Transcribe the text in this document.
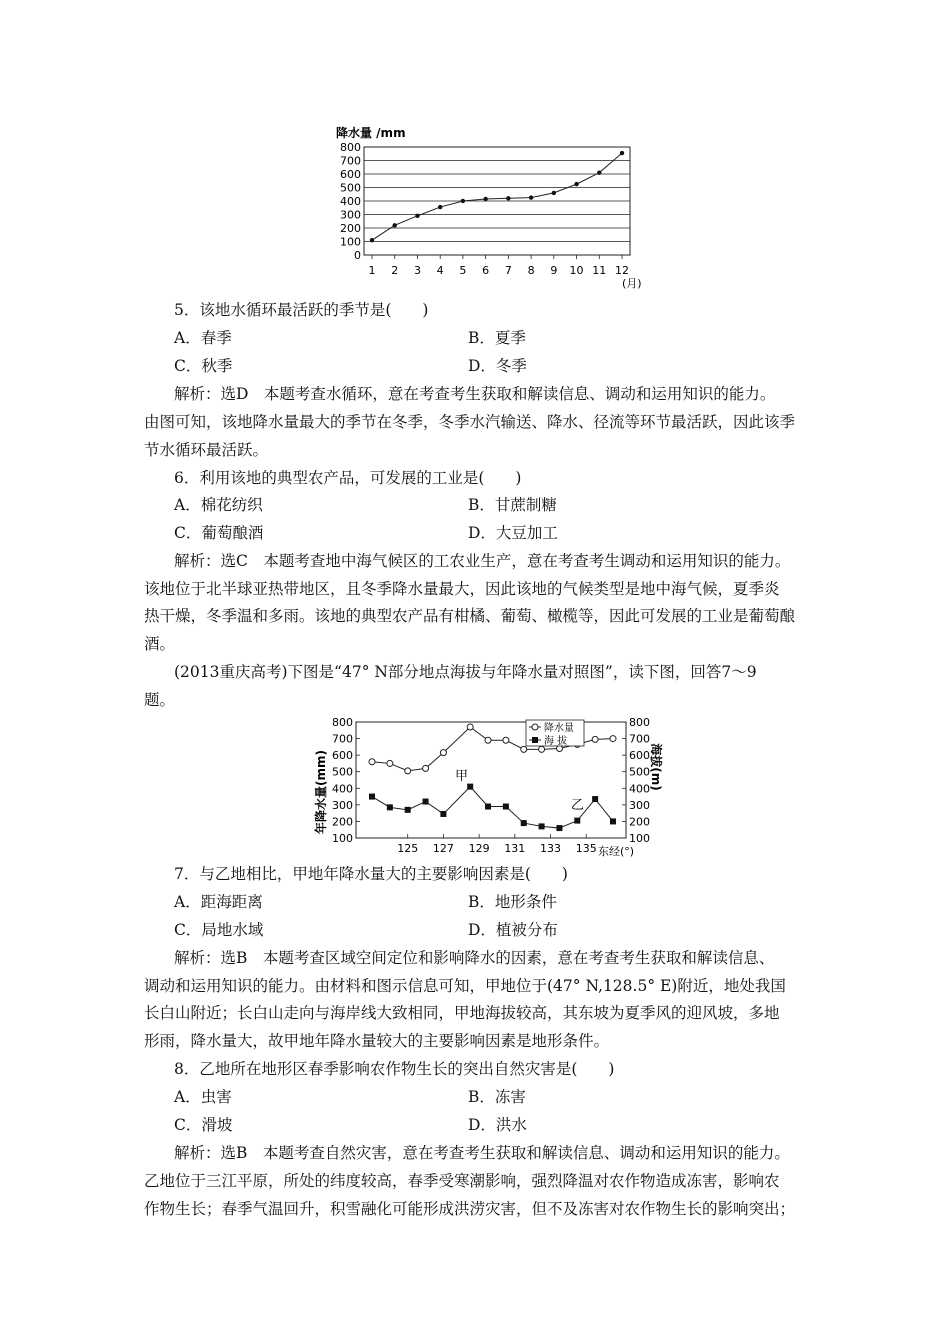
降水量 /mm
0
100
200
300
400
500
600
700
800
1 2 3 4 5 6 7 8 9 10 11 12
(月)
100	100
200	200
300	300
400	400
500	500
600	600
700	700
800	800
125 127 129 131 133 135
年降水量(mm)	海拔(m)
东经(°)
降水量
海 拔
甲
乙
5．该地水循环最活跃的季节是(　　)
A．春季	B．夏季
C．秋季	D．冬季
解析：选D　本题考查水循环，意在考查考生获取和解读信息、调动和运用知识的能力。
由图可知，该地降水量最大的季节在冬季，冬季水汽输送、降水、径流等环节最活跃，因此该季
节水循环最活跃。
6．利用该地的典型农产品，可发展的工业是(　　)
A．棉花纺织	B．甘蔗制糖
C．葡萄酿酒	D．大豆加工
解析：选C　本题考查地中海气候区的工农业生产，意在考查考生调动和运用知识的能力。
该地位于北半球亚热带地区，且冬季降水量最大，因此该地的气候类型是地中海气候，夏季炎
热干燥，冬季温和多雨。该地的典型农产品有柑橘、葡萄、橄榄等，因此可发展的工业是葡萄酿
酒。
(2013重庆高考)下图是“47° N部分地点海拔与年降水量对照图”，读下图，回答7～9
题。
7．与乙地相比，甲地年降水量大的主要影响因素是(　　)
A．距海距离	B．地形条件
C．局地水域	D．植被分布
解析：选B　本题考查区域空间定位和影响降水的因素，意在考查考生获取和解读信息、
调动和运用知识的能力。由材料和图示信息可知，甲地位于(47° N,128.5° E)附近，地处我国
长白山附近；长白山走向与海岸线大致相同，甲地海拔较高，其东坡为夏季风的迎风坡，多地
形雨，降水量大，故甲地年降水量较大的主要影响因素是地形条件。
8．乙地所在地形区春季影响农作物生长的突出自然灾害是(　　)
A．虫害	B．冻害
C．滑坡	D．洪水
解析：选B　本题考查自然灾害，意在考查考生获取和解读信息、调动和运用知识的能力。
乙地位于三江平原，所处的纬度较高，春季受寒潮影响，强烈降温对农作物造成冻害，影响农
作物生长；春季气温回升，积雪融化可能形成洪涝灾害，但不及冻害对农作物生长的影响突出；
